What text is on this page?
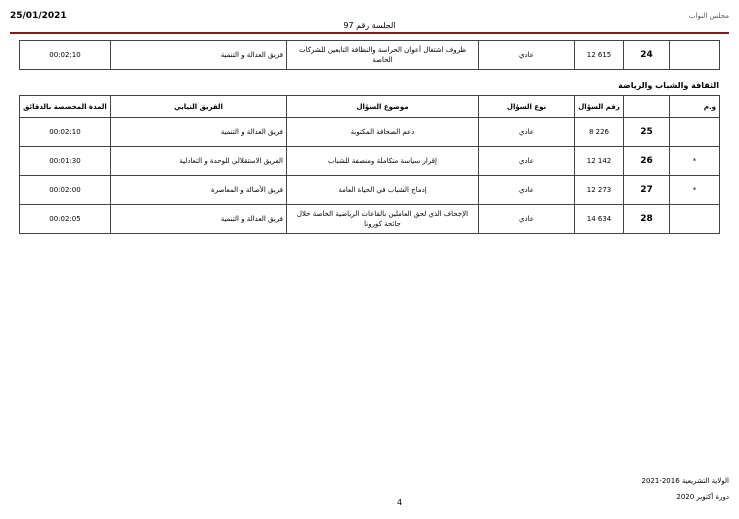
25/01/2021	مجلس النواب
الجلسة رقم 97
00:02:10	فريق العدالة و التنمية	ظروف اشتغال أعوان الحراسة والنظافة التابعين للشركات الخاصة	عادي	12 615	24	
الثقافة والشباب والرياضة
المدة المخصصة بالدقائق	الفريق النيابي	موضوع السؤال	نوع السؤال	رقم السؤال		و.م
00:02:10	فريق العدالة و التنمية	دعم الصحافة المكتوبة	عادي	8 226	25	
00:01:30	الفريق الاستقلالي للوحدة و التعادلية	إقرار سياسة متكاملة ومنصفة للشباب	عادي	12 142	26	*
00:02:00	فريق الأصالة و المعاصرة	إدماج الشباب في الحياة العامة	عادي	12 273	27	*
00:02:05	فريق العدالة و التنمية	الإجحاف الذي لحق العاملين بالقاعات الرياضية الخاصة خلال جائحة كورونا	عادي	14 634	28	
الولاية التشريعية 2016-2021
دورة أكتوبر 2020
4
